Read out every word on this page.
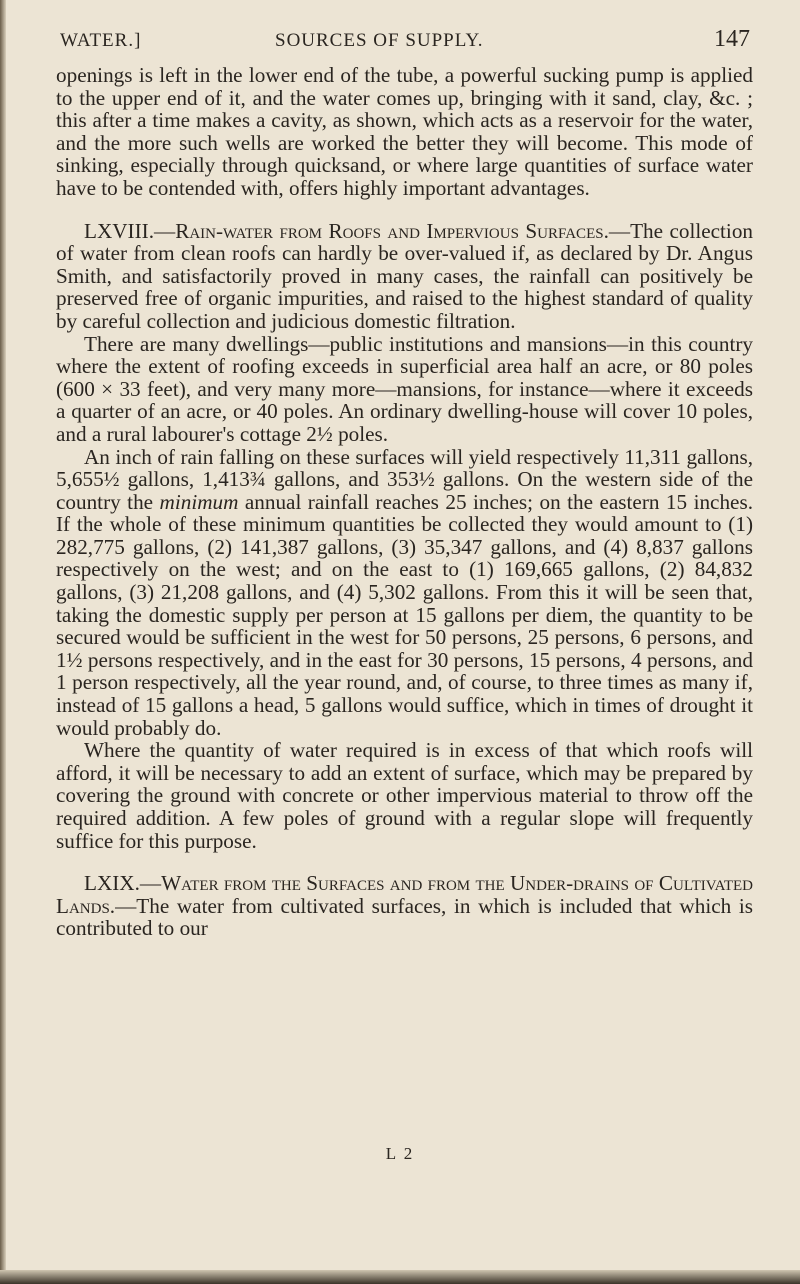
WATER.]	SOURCES OF SUPPLY.	147

openings is left in the lower end of the tube, a powerful sucking pump is applied to the upper end of it, and the water comes up, bringing with it sand, clay, &c. ; this after a time makes a cavity, as shown, which acts as a reservoir for the water, and the more such wells are worked the better they will become. This mode of sinking, especially through quicksand, or where large quantities of surface water have to be contended with, offers highly important advantages.

LXVIII.—Rain-water from Roofs and Impervious Surfaces.—The collection of water from clean roofs can hardly be over-valued if, as declared by Dr. Angus Smith, and satisfactorily proved in many cases, the rainfall can positively be preserved free of organic impurities, and raised to the highest standard of quality by careful collection and judicious domestic filtration.

There are many dwellings—public institutions and mansions—in this country where the extent of roofing exceeds in superficial area half an acre, or 80 poles (600 × 33 feet), and very many more—mansions, for instance—where it exceeds a quarter of an acre, or 40 poles. An ordinary dwelling-house will cover 10 poles, and a rural labourer's cottage 2½ poles.

An inch of rain falling on these surfaces will yield respectively 11,311 gallons, 5,655½ gallons, 1,413¾ gallons, and 353½ gallons. On the western side of the country the minimum annual rainfall reaches 25 inches; on the eastern 15 inches. If the whole of these minimum quantities be collected they would amount to (1) 282,775 gallons, (2) 141,387 gallons, (3) 35,347 gallons, and (4) 8,837 gallons respectively on the west; and on the east to (1) 169,665 gallons, (2) 84,832 gallons, (3) 21,208 gallons, and (4) 5,302 gallons. From this it will be seen that, taking the domestic supply per person at 15 gallons per diem, the quantity to be secured would be sufficient in the west for 50 persons, 25 persons, 6 persons, and 1½ persons respectively, and in the east for 30 persons, 15 persons, 4 persons, and 1 person respectively, all the year round, and, of course, to three times as many if, instead of 15 gallons a head, 5 gallons would suffice, which in times of drought it would probably do.

Where the quantity of water required is in excess of that which roofs will afford, it will be necessary to add an extent of surface, which may be prepared by covering the ground with concrete or other impervious material to throw off the required addition. A few poles of ground with a regular slope will frequently suffice for this purpose.

LXIX.—Water from the Surfaces and from the Under-drains of Cultivated Lands.—The water from cultivated surfaces, in which is included that which is contributed to our

L 2
